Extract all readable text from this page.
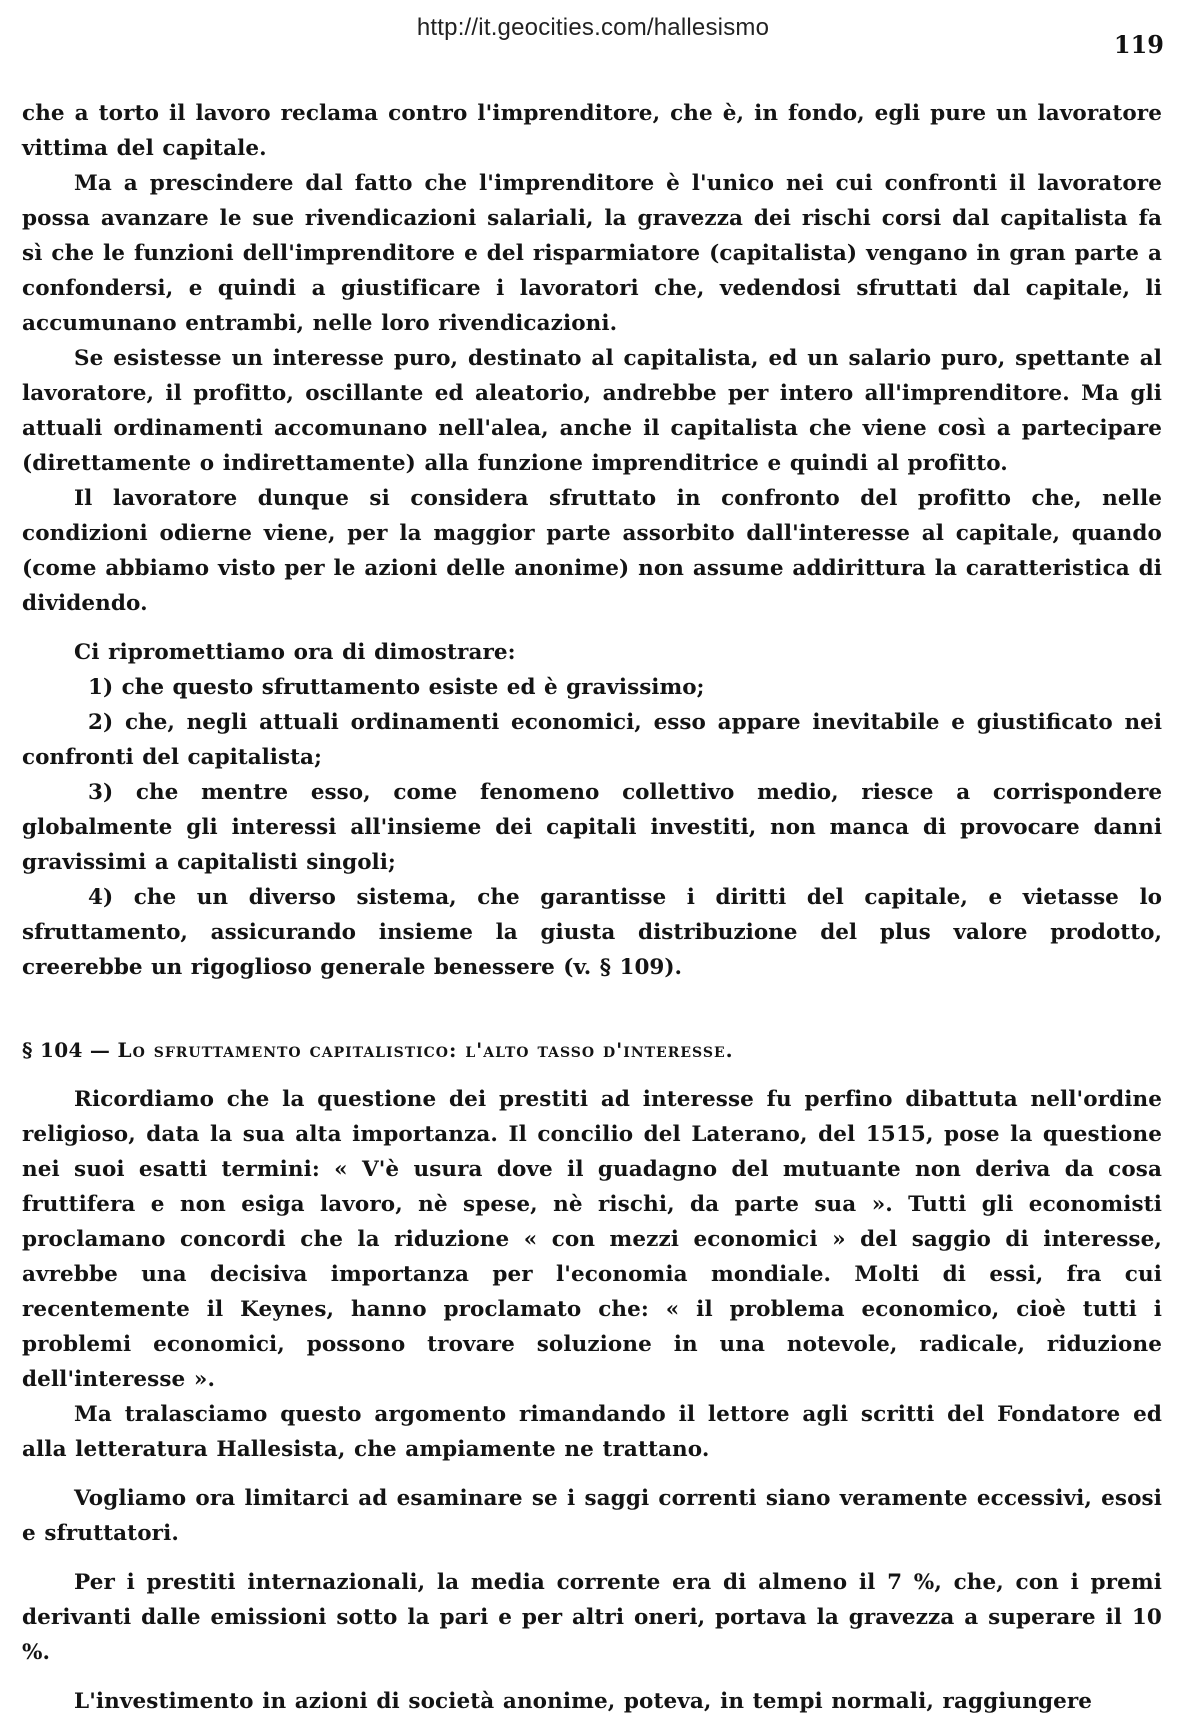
http://it.geocities.com/hallesismo
119

che a torto il lavoro reclama contro l'imprenditore, che è, in fondo, egli pure un lavoratore vittima del capitale.

Ma a prescindere dal fatto che l'imprenditore è l'unico nei cui confronti il lavoratore possa avanzare le sue rivendicazioni salariali, la gravezza dei rischi corsi dal capitalista fa sì che le funzioni dell'imprenditore e del risparmiatore (capitalista) vengano in gran parte a confondersi, e quindi a giustificare i lavoratori che, vedendosi sfruttati dal capitale, li accumunano entrambi, nelle loro rivendicazioni.

Se esistesse un interesse puro, destinato al capitalista, ed un salario puro, spettante al lavoratore, il profitto, oscillante ed aleatorio, andrebbe per intero all'imprenditore. Ma gli attuali ordinamenti accomunano nell'alea, anche il capitalista che viene così a partecipare (direttamente o indirettamente) alla funzione imprenditrice e quindi al profitto.

Il lavoratore dunque si considera sfruttato in confronto del profitto che, nelle condizioni odierne viene, per la maggior parte assorbito dall'interesse al capitale, quando (come abbiamo visto per le azioni delle anonime) non assume addirittura la caratteristica di dividendo.

Ci ripromettiamo ora di dimostrare:

1) che questo sfruttamento esiste ed è gravissimo;

2) che, negli attuali ordinamenti economici, esso appare inevitabile e giustificato nei confronti del capitalista;

3) che mentre esso, come fenomeno collettivo medio, riesce a corrispondere globalmente gli interessi all'insieme dei capitali investiti, non manca di provocare danni gravissimi a capitalisti singoli;

4) che un diverso sistema, che garantisse i diritti del capitale, e vietasse lo sfruttamento, assicurando insieme la giusta distribuzione del plus valore prodotto, creerebbe un rigoglioso generale benessere (v. § 109).

§ 104 — Lo sfruttamento capitalistico: l'alto tasso d'interesse.

Ricordiamo che la questione dei prestiti ad interesse fu perfino dibattuta nell'ordine religioso, data la sua alta importanza. Il concilio del Laterano, del 1515, pose la questione nei suoi esatti termini: « V'è usura dove il guadagno del mutuante non deriva da cosa fruttifera e non esiga lavoro, nè spese, nè rischi, da parte sua ». Tutti gli economisti proclamano concordi che la riduzione « con mezzi economici » del saggio di interesse, avrebbe una decisiva importanza per l'economia mondiale. Molti di essi, fra cui recentemente il Keynes, hanno proclamato che: « il problema economico, cioè tutti i problemi economici, possono trovare soluzione in una notevole, radicale, riduzione dell'interesse ».

Ma tralasciamo questo argomento rimandando il lettore agli scritti del Fondatore ed alla letteratura Hallesista, che ampiamente ne trattano.

Vogliamo ora limitarci ad esaminare se i saggi correnti siano veramente eccessivi, esosi e sfruttatori.

Per i prestiti internazionali, la media corrente era di almeno il 7 %, che, con i premi derivanti dalle emissioni sotto la pari e per altri oneri, portava la gravezza a superare il 10 %.

L'investimento in azioni di società anonime, poteva, in tempi normali, raggiungere
